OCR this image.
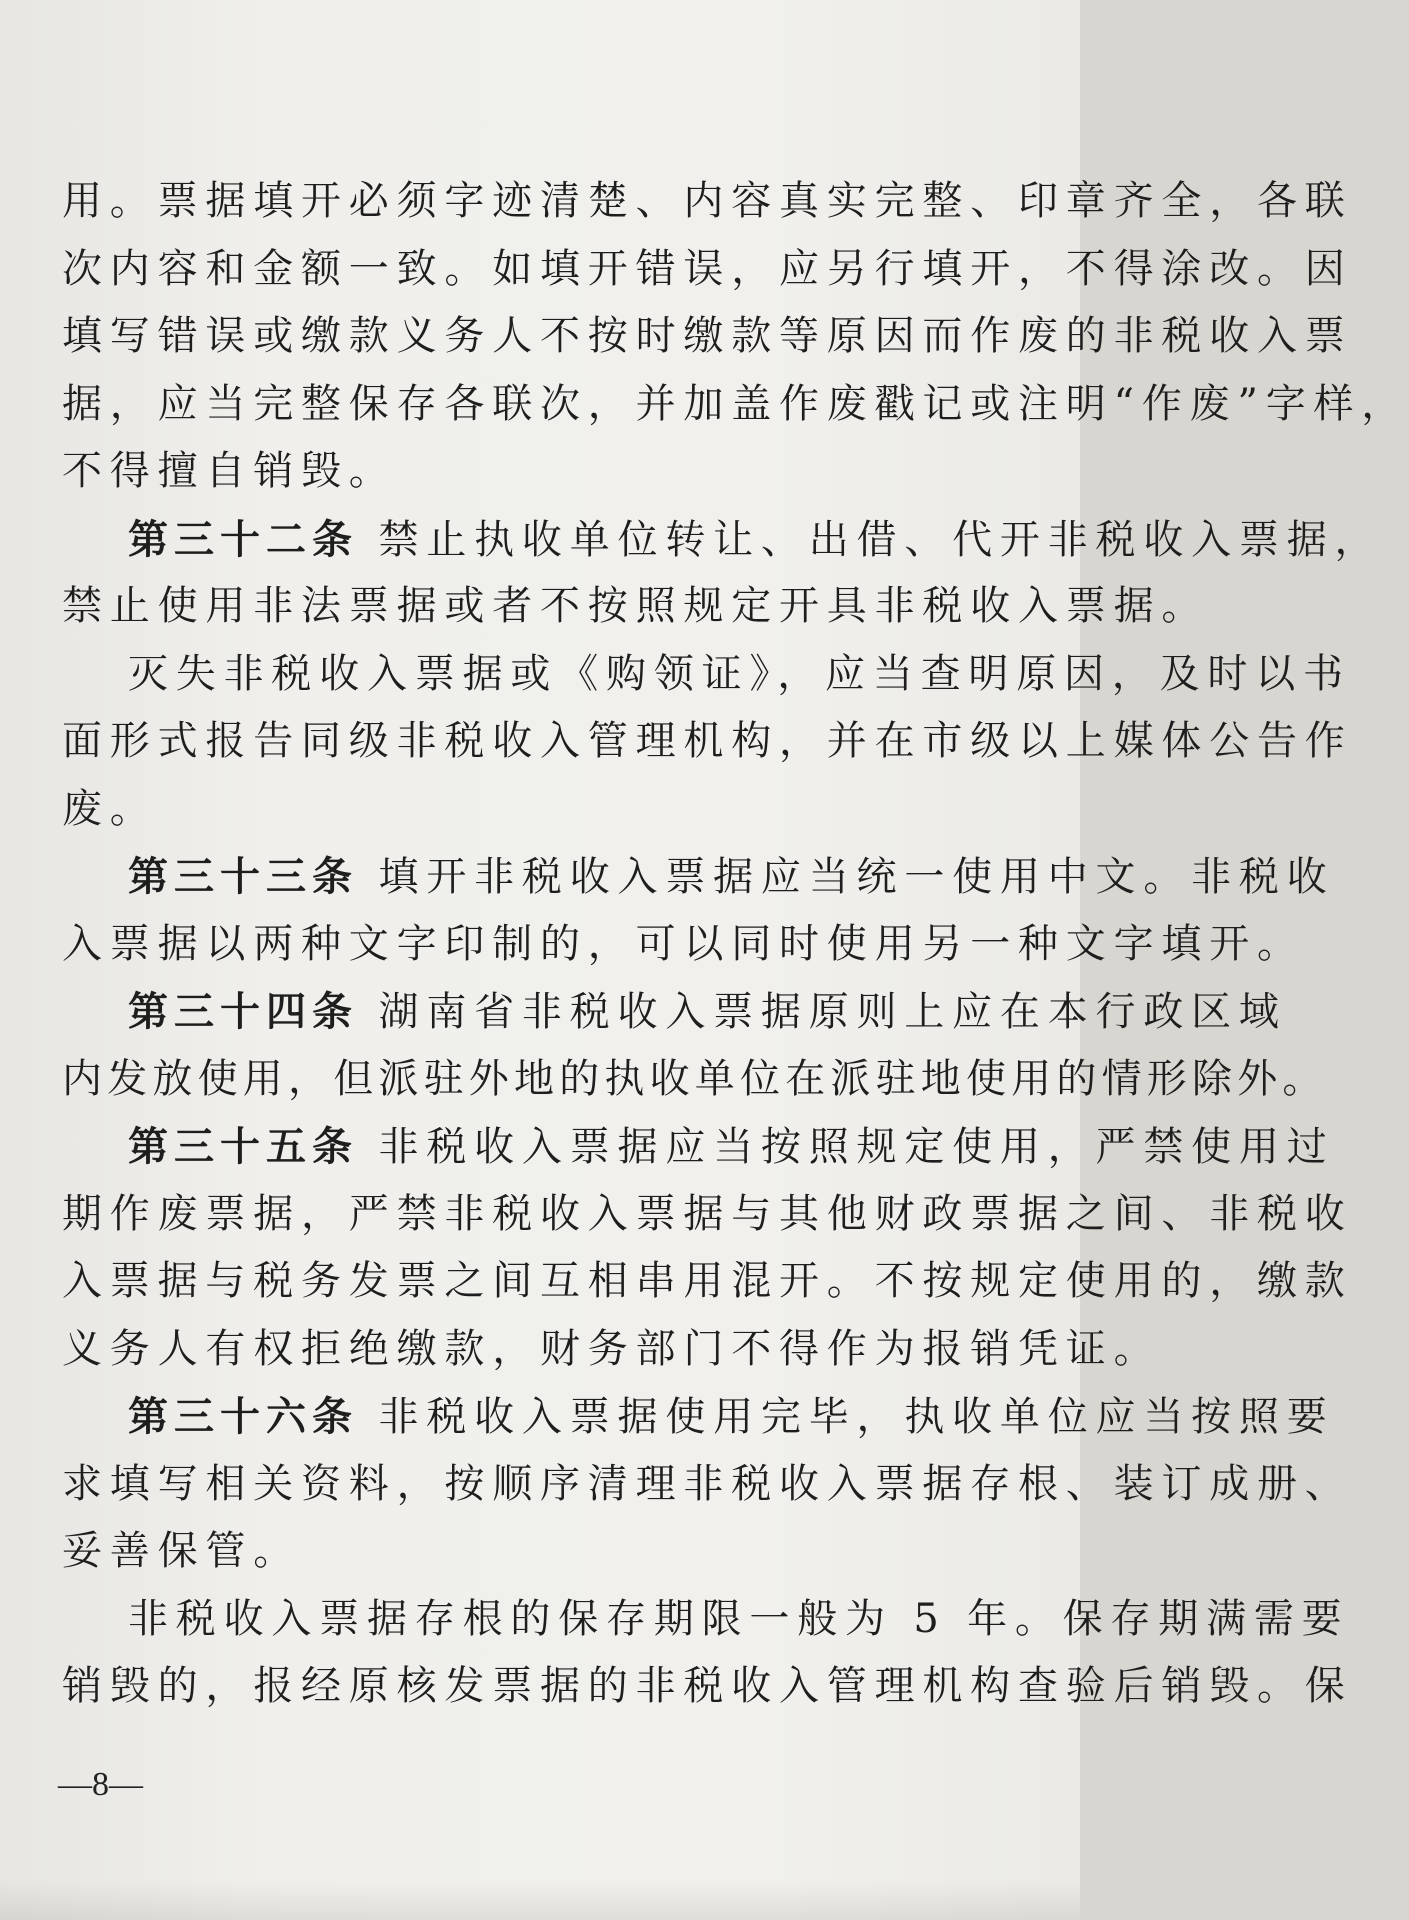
用。票据填开必须字迹清楚、内容真实完整、印章齐全，各联
次内容和金额一致。如填开错误，应另行填开，不得涂改。因
填写错误或缴款义务人不按时缴款等原因而作废的非税收入票
据，应当完整保存各联次，并加盖作废戳记或注明“作废”字样，
不得擅自销毁。
第三十二条 禁止执收单位转让、出借、代开非税收入票据，
禁止使用非法票据或者不按照规定开具非税收入票据。
灭失非税收入票据或《购领证》，应当查明原因，及时以书
面形式报告同级非税收入管理机构，并在市级以上媒体公告作
废。
第三十三条 填开非税收入票据应当统一使用中文。非税收
入票据以两种文字印制的，可以同时使用另一种文字填开。
第三十四条 湖南省非税收入票据原则上应在本行政区域
内发放使用，但派驻外地的执收单位在派驻地使用的情形除外。
第三十五条 非税收入票据应当按照规定使用，严禁使用过
期作废票据，严禁非税收入票据与其他财政票据之间、非税收
入票据与税务发票之间互相串用混开。不按规定使用的，缴款
义务人有权拒绝缴款，财务部门不得作为报销凭证。
第三十六条 非税收入票据使用完毕，执收单位应当按照要
求填写相关资料，按顺序清理非税收入票据存根、装订成册、
妥善保管。
非税收入票据存根的保存期限一般为 5 年。保存期满需要
销毁的，报经原核发票据的非税收入管理机构查验后销毁。保
—8—
